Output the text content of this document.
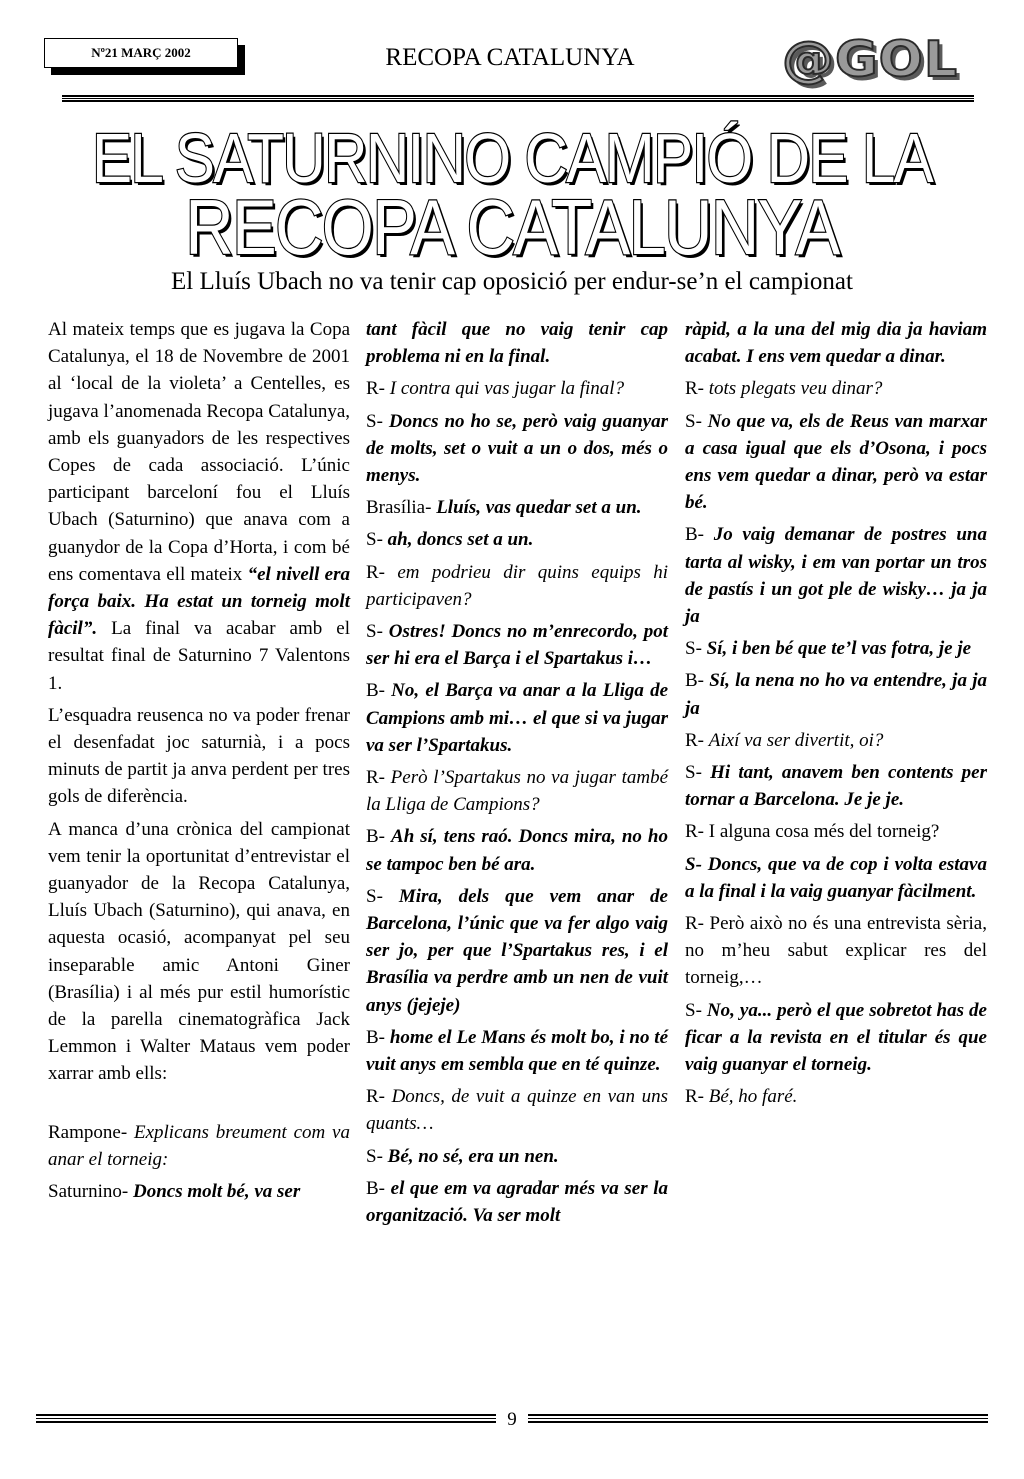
Nº21 MARÇ 2002	RECOPA CATALUNYA	@GOL
EL SATURNINO CAMPIÓ DE LA
RECOPA CATALUNYA
El Lluís Ubach no va tenir cap oposició per endur-se’n el campionat

Al mateix temps que es jugava la Copa Catalunya, el 18 de Novembre de 2001 al ‘local de la violeta’ a Centelles, es jugava l’anomenada Recopa Catalunya, amb els guanyadors de les respectives Copes de cada associació. L’únic participant barceloní fou el Lluís Ubach (Saturnino) que anava com a guanydor de la Copa d’Horta, i com bé ens comentava ell mateix “el nivell era força baix. Ha estat un torneig molt fàcil”. La final va acabar amb el resultat final de Saturnino 7 Valentons 1.

L’esquadra reusenca no va poder frenar el desenfadat joc saturnià, i a pocs minuts de partit ja anva perdent per tres gols de diferència.

A manca d’una crònica del campionat vem tenir la oportunitat d’entrevistar el guanyador de la Recopa Catalunya, Lluís Ubach (Saturnino), qui anava, en aquesta ocasió, acompanyat pel seu inseparable amic Antoni Giner (Brasília) i al més pur estil humorístic de la parella cinematogràfica Jack Lemmon i Walter Mataus vem poder xarrar amb ells:

Rampone- Explicans breument com va anar el torneig:

Saturnino- Doncs molt bé, va ser

tant fàcil que no vaig tenir cap problema ni en la final.

R- I contra qui vas jugar la final?

S- Doncs no ho se, però vaig guanyar de molts, set o vuit a un o dos, més o menys.

Brasília- Lluís, vas quedar set a un.

S- ah, doncs set a un.

R- em podrieu dir quins equips hi participaven?

S- Ostres! Doncs no m’enrecordo, pot ser hi era el Barça i el Spartakus i…

B- No, el Barça va anar a la Lliga de Campions amb mi… el que si va jugar va ser l’Spartakus.

R- Però l’Spartakus no va jugar també la Lliga de Campions?

B- Ah sí, tens raó. Doncs mira, no ho se tampoc ben bé ara.

S- Mira, dels que vem anar de Barcelona, l’únic que va fer algo vaig ser jo, per que l’Spartakus res, i el Brasília va perdre amb un nen de vuit anys (jejeje)

B- home el Le Mans és molt bo, i no té vuit anys em sembla que en té quinze.

R- Doncs, de vuit a quinze en van uns quants…

S- Bé, no sé, era un nen.

B- el que em va agradar més va ser la organització. Va ser molt

ràpid, a la una del mig dia ja haviam acabat. I ens vem quedar a dinar.

R- tots plegats veu dinar?

S- No que va, els de Reus van marxar a casa igual que els d’Osona, i pocs ens vem quedar a dinar, però va estar bé.

B- Jo vaig demanar de postres una tarta al wisky, i em van portar un tros de pastís i un got ple de wisky… ja ja ja

S- Sí, i ben bé que te’l vas fotra, je je

B- Sí, la nena no ho va entendre, ja ja ja

R- Així va ser divertit, oi?

S- Hi tant, anavem ben contents per tornar a Barcelona. Je je je.

R- I alguna cosa més del torneig?

S- Doncs, que va de cop i volta estava a la final i la vaig guanyar fàcilment.

R- Però això no és una entrevista sèria, no m’heu sabut explicar res del torneig,…

S- No, ya... però el que sobretot has de ficar a la revista en el titular és que vaig guanyar el torneig.

R- Bé, ho faré.

9
